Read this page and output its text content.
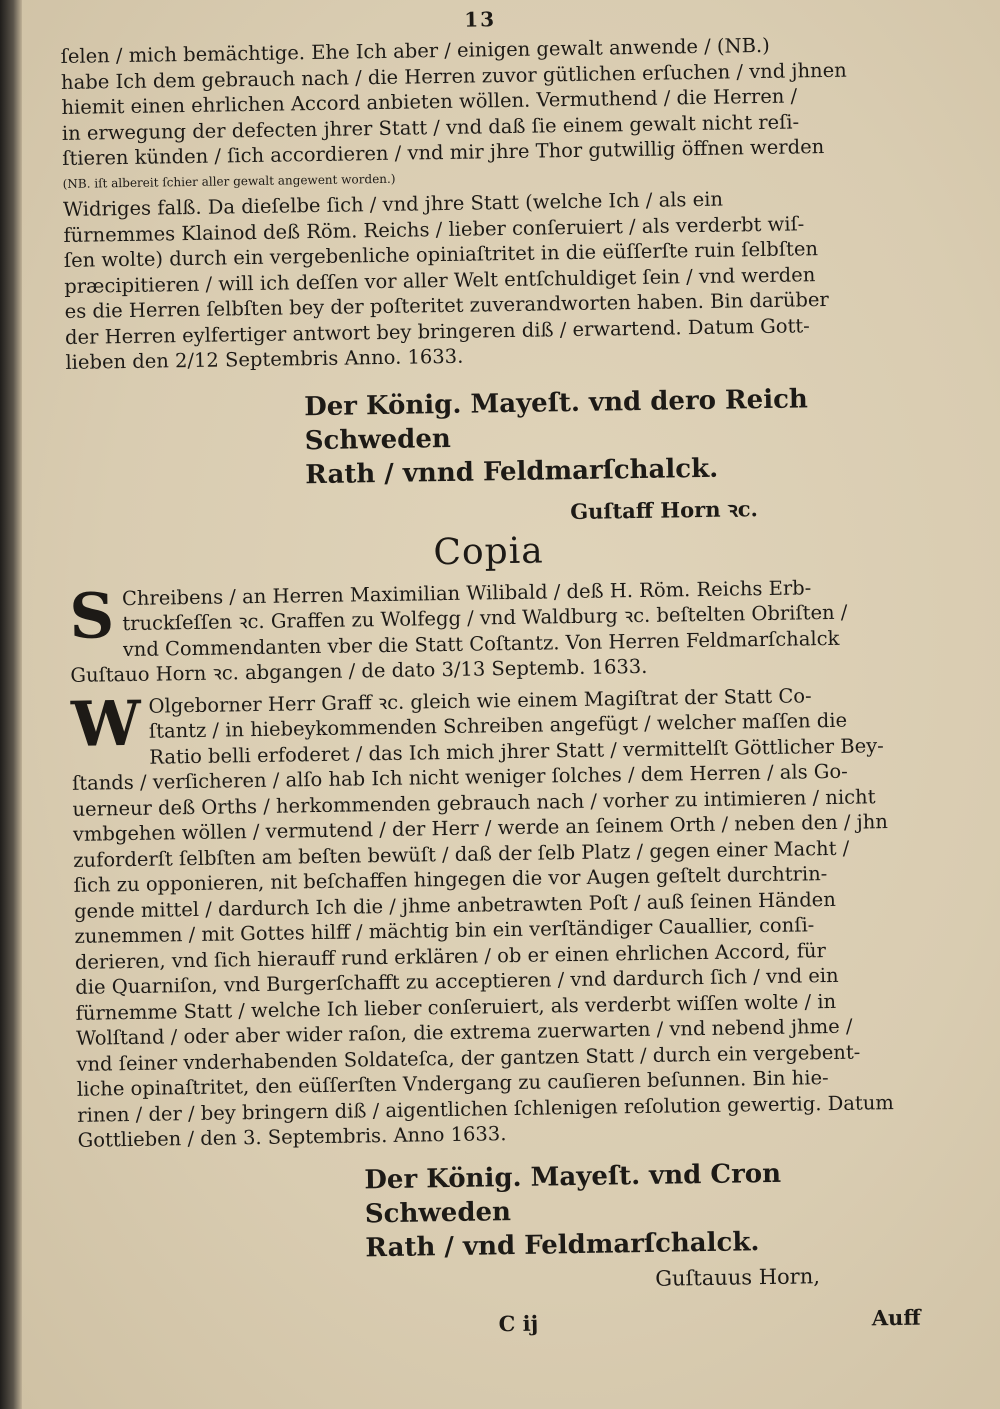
13
ſelen / mich bemächtige. Ehe Ich aber / einigen gewalt anwende / (NB.)
habe Ich dem gebrauch nach / die Herren zuvor gütlichen erſuchen / vnd jhnen
hiemit einen ehrlichen Accord anbieten wöllen. Vermuthend / die Herren /
in erwegung der defecten jhrer Statt / vnd daß ſie einem gewalt nicht reſi-
ſtieren künden / ſich accordieren / vnd mir jhre Thor gutwillig öffnen werden
(NB. iſt albereit ſchier aller gewalt angewent worden.)
Widriges falß. Da dieſelbe ſich / vnd jhre Statt (welche Ich / als ein
fürnemmes Klainod deß Röm. Reichs / lieber conſeruiert / als verderbt wiſ-
ſen wolte) durch ein vergebenliche opiniaſtritet in die eüſſerſte ruin ſelbſten
præcipitieren / will ich deſſen vor aller Welt entſchuldiget ſein / vnd werden
es die Herren ſelbſten bey der poſteritet zuverandworten haben. Bin darüber
der Herren eylfertiger antwort bey bringeren diß / erwartend. Datum Gott-
lieben den 2/12 Septembris Anno. 1633.
Der König. Mayeſt. vnd dero Reich Schweden
Rath / vnnd Feldmarſchalck.
Guſtaff Horn ꝛc.
Copia
S Chreibens / an Herren Maximilian Wilibald / deß H. Röm. Reichs Erb-
truckſeſſen ꝛc. Graffen zu Wolfegg / vnd Waldburg ꝛc. beſtelten Obriſten /
vnd Commendanten vber die Statt Coſtantz. Von Herren Feldmarſchalck
Guſtauo Horn ꝛc. abgangen / de dato 3/13 Septemb. 1633.
W Olgeborner Herr Graff ꝛc. gleich wie einem Magiſtrat der Statt Co-
ſtantz / in hiebeykommenden Schreiben angefügt / welcher maſſen die
Ratio belli erfoderet / das Ich mich jhrer Statt / vermittelſt Göttlicher Bey-
ſtands / verſicheren / alſo hab Ich nicht weniger ſolches / dem Herren / als Go-
uerneur deß Orths / herkommenden gebrauch nach / vorher zu intimieren / nicht
vmbgehen wöllen / vermutend / der Herr / werde an ſeinem Orth / neben den / jhn
zuforderſt ſelbſten am beſten bewüſt / daß der ſelb Platz / gegen einer Macht /
ſich zu opponieren, nit beſchaffen hingegen die vor Augen geſtelt durchtrin-
gende mittel / dardurch Ich die / jhme anbetrawten Poſt / auß ſeinen Händen
zunemmen / mit Gottes hilff / mächtig bin ein verſtändiger Cauallier, conſi-
derieren, vnd ſich hierauff rund erklären / ob er einen ehrlichen Accord, für
die Quarniſon, vnd Burgerſchafft zu acceptieren / vnd dardurch ſich / vnd ein
fürnemme Statt / welche Ich lieber conſeruiert, als verderbt wiſſen wolte / in
Wolſtand / oder aber wider raſon, die extrema zuerwarten / vnd nebend jhme /
vnd ſeiner vnderhabenden Soldateſca, der gantzen Statt / durch ein vergebent-
liche opinaſtritet, den eüſſerſten Vndergang zu cauſieren beſunnen. Bin hie-
rinen / der / bey bringern diß / aigentlichen ſchlenigen reſolution gewertig. Datum
Gottlieben / den 3. Septembris. Anno 1633.
Der König. Mayeſt. vnd Cron Schweden
Rath / vnd Feldmarſchalck.
Guſtauus Horn,
C ij	Auff
